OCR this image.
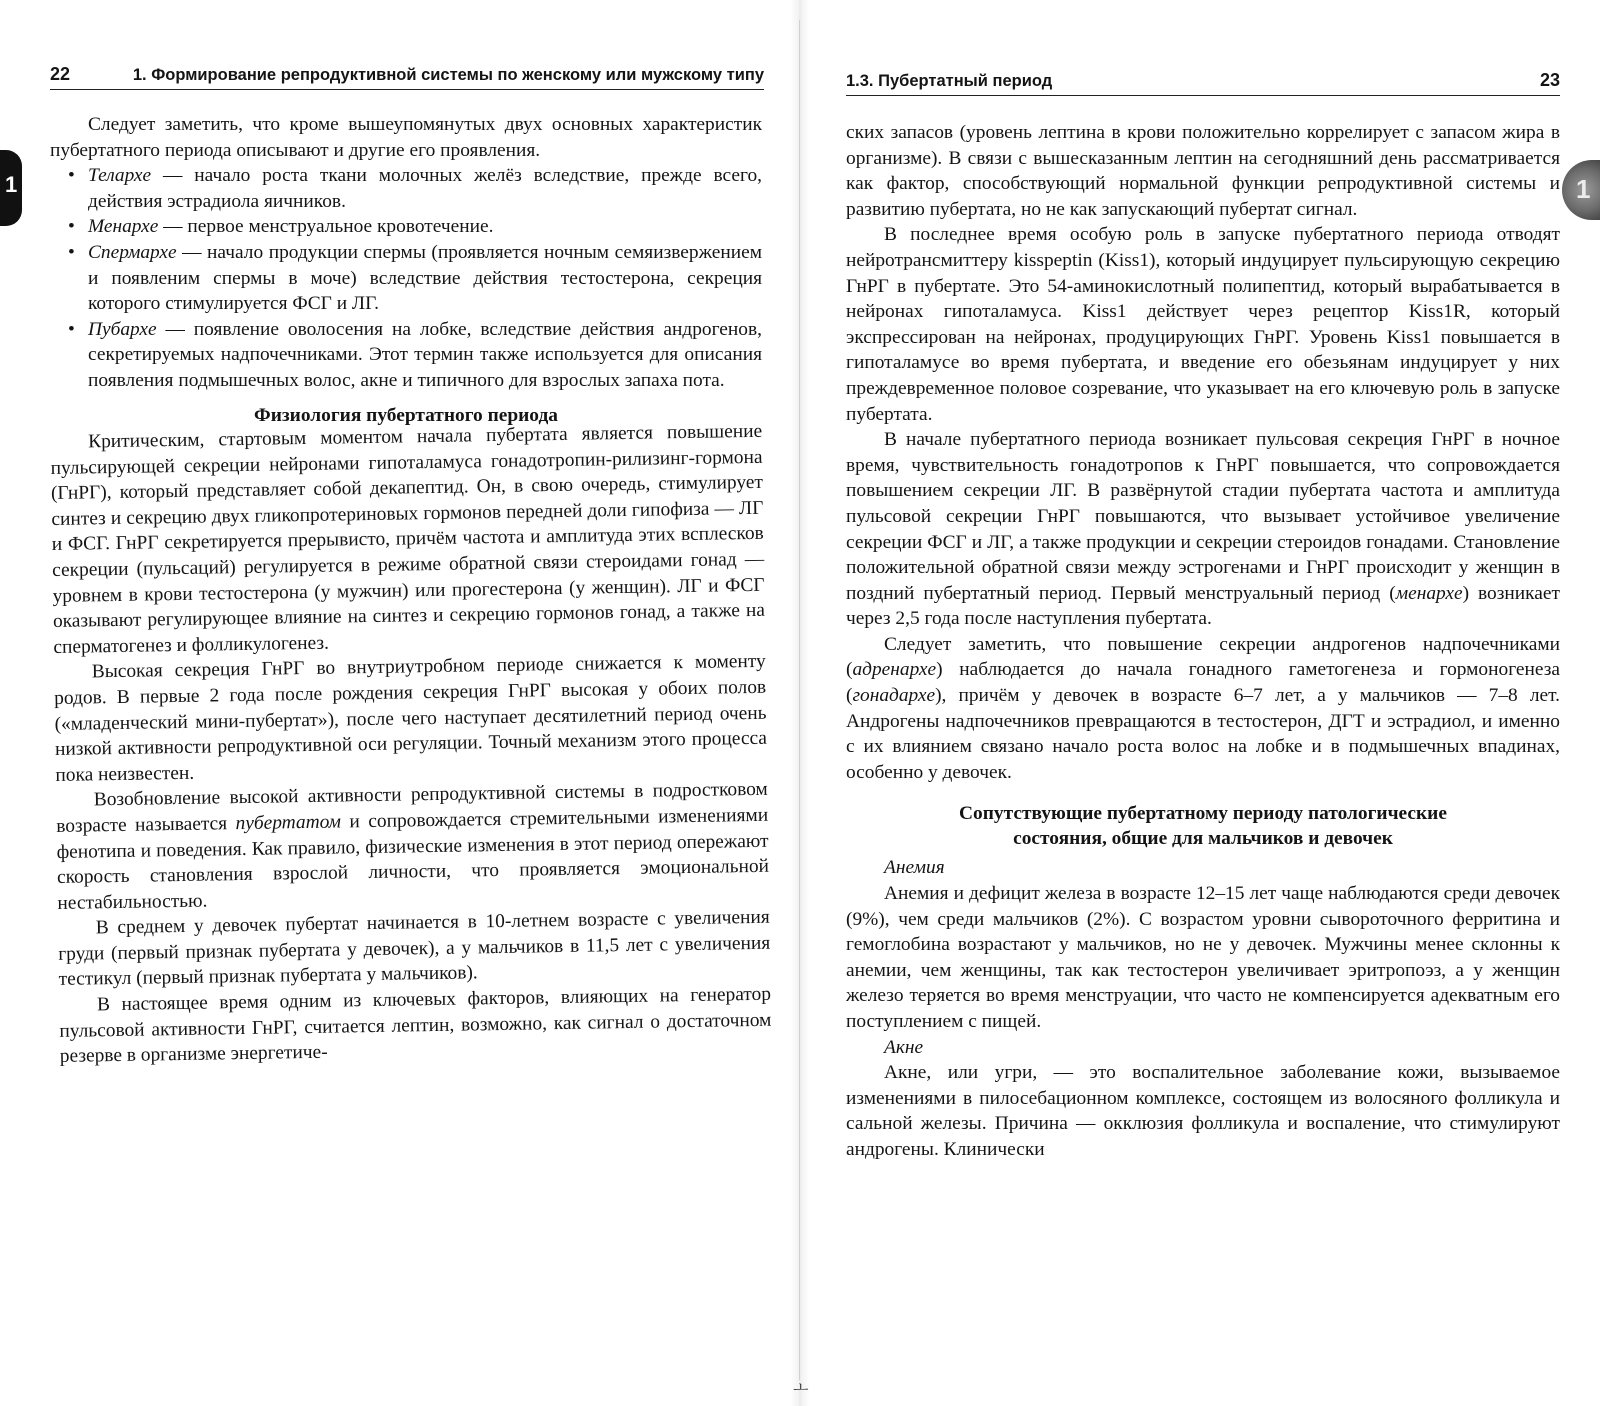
ㅗ
1
22	1. Формирование репродуктивной системы по женскому или мужскому типу

Следует заметить, что кроме вышеупомянутых двух основных характеристик пубертатного периода описывают и другие его проявления.

• Телархе — начало роста ткани молочных желёз вследствие, прежде всего, действия эстрадиола яичников.
• Менархе — первое менструальное кровотечение.
• Спермархе — начало продукции спермы (проявляется ночным семяизвержением и появленим спермы в моче) вследствие действия тестостерона, секреция которого стимулируется ФСГ и ЛГ.
• Пубархе — появление оволосения на лобке, вследствие действия андрогенов, секретируемых надпочечниками. Этот термин также используется для описания появления подмышечных волос, акне и типичного для взрослых запаха пота.
Физиология пубертатного периода

Критическим, стартовым моментом начала пубертата является повышение пульсирующей секреции нейронами гипоталамуса гонадотропин-рилизинг-гормона (ГнРГ), который представляет собой декапептид. Он, в свою очередь, стимулирует синтез и секрецию двух гликопротериновых гормонов передней доли гипофиза — ЛГ и ФСГ. ГнРГ секретируется прерывисто, причём частота и амплитуда этих всплесков секреции (пульсаций) регулируется в режиме обратной связи стероидами гонад — уровнем в крови тестостерона (у мужчин) или прогестерона (у женщин). ЛГ и ФСГ оказывают регулирующее влияние на синтез и секрецию гормонов гонад, а также на сперматогенез и фолликулогенез.

Высокая секреция ГнРГ во внутриутробном периоде снижается к моменту родов. В первые 2 года после рождения секреция ГнРГ высокая у обоих полов («младенческий мини-пубертат»), после чего наступает десятилетний период очень низкой активности репродуктивной оси регуляции. Точный механизм этого процесса пока неизвестен.

Возобновление высокой активности репродуктивной системы в подростковом возрасте называется пубертатом и сопровождается стремительными изменениями фенотипа и поведения. Как правило, физические изменения в этот период опережают скорость становления взрослой личности, что проявляется эмоциональной нестабильностью.

В среднем у девочек пубертат начинается в 10-летнем возрасте с увеличения груди (первый признак пубертата у девочек), а у мальчиков в 11,5 лет с увеличения тестикул (первый признак пубертата у мальчиков).

В настоящее время одним из ключевых факторов, влияющих на генератор пульсовой активности ГнРГ, считается лептин, возможно, как сигнал о достаточном резерве в организме энергетиче-

1.3. Пубертатный период	23

ских запасов (уровень лептина в крови положительно коррелирует с запасом жира в организме). В связи с вышесказанным лептин на сегодняшний день рассматривается как фактор, способствующий нормальной функции репродуктивной системы и развитию пубертата, но не как запускающий пубертат сигнал.

В последнее время особую роль в запуске пубертатного периода отводят нейротрансмиттеру kisspeptin (Kiss1), который индуцирует пульсирующую секрецию ГнРГ в пубертате. Это 54-аминокислотный полипептид, который вырабатывается в нейронах гипоталамуса. Kiss1 действует через рецептор Kiss1R, который экспрессирован на нейронах, продуцирующих ГнРГ. Уровень Kiss1 повышается в гипоталамусе во время пубертата, и введение его обезьянам индуцирует у них преждевременное половое созревание, что указывает на его ключевую роль в запуске пубертата.

В начале пубертатного периода возникает пульсовая секреция ГнРГ в ночное время, чувствительность гонадотропов к ГнРГ повышается, что сопровождается повышением секреции ЛГ. В развёрнутой стадии пубертата частота и амплитуда пульсовой секреции ГнРГ повышаются, что вызывает устойчивое увеличение секреции ФСГ и ЛГ, а также продукции и секреции стероидов гонадами. Становление положительной обратной связи между эстрогенами и ГнРГ происходит у женщин в поздний пубертатный период. Первый менструальный период (менархе) возникает через 2,5 года после наступления пубертата.

Следует заметить, что повышение секреции андрогенов надпочечниками (адренархе) наблюдается до начала гонадного гаметогенеза и гормоногенеза (гонадархе), причём у девочек в возрасте 6–7 лет, а у мальчиков — 7–8 лет. Андрогены надпочечников превращаются в тестостерон, ДГТ и эстрадиол, и именно с их влиянием связано начало роста волос на лобке и в подмышечных впадинах, особенно у девочек.

Сопутствующие пубертатному периоду патологические
состояния, общие для мальчиков и девочек

Анемия

Анемия и дефицит железа в возрасте 12–15 лет чаще наблюдаются среди девочек (9%), чем среди мальчиков (2%). С возрастом уровни сывороточного ферритина и гемоглобина возрастают у мальчиков, но не у девочек. Мужчины менее склонны к анемии, чем женщины, так как тестостерон увеличивает эритропоэз, а у женщин железо теряется во время менструации, что часто не компенсируется адекватным его поступлением с пищей.

Акне

Акне, или угри, — это воспалительное заболевание кожи, вызываемое изменениями в пилосебационном комплексе, состоящем из волосяного фолликула и сальной железы. Причина — окклюзия фолликула и воспаление, что стимулируют андрогены. Клинически

1
